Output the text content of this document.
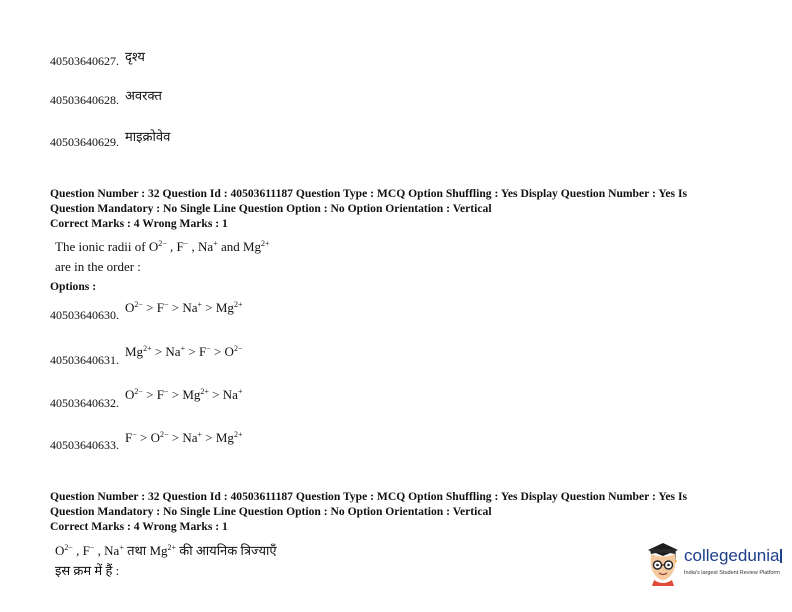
40503640627. दृश्य
40503640628. अवरक्त
40503640629. माइक्रोवेव
Question Number : 32 Question Id : 40503611187 Question Type : MCQ Option Shuffling : Yes Display Question Number : Yes Is
Question Mandatory : No Single Line Question Option : No Option Orientation : Vertical
Correct Marks : 4 Wrong Marks : 1
The ionic radii of $O^{2-}$ , F− , Na+ and $Mg^{2+}$
are in the order :
Options :
40503640630. $O^{2-} > F^- > Na^+ > Mg^{2+}$
40503640631.
$Mg^{2+} > Na^+ > F^- > O^{2-}$
40503640632.
$O^{2-} > F^- > Mg^{2+} > Na^+$
40503640633. $F^- > O^{2-} > Na^+ > Mg^{2+}$
Question Number : 32 Question Id : 40503611187 Question Type : MCQ Option Shuffling : Yes Display Question Number : Yes Is
Question Mandatory : No Single Line Question Option : No Option Orientation : Vertical
Correct Marks : 4 Wrong Marks : 1
$O^{2-}$ , F− , Na+ तथा $Mg^{2+}$ की आयनिक त्रिज्याएँ
इस क्रम में हैं :
collegedunia
India's largest Student Review Platform
